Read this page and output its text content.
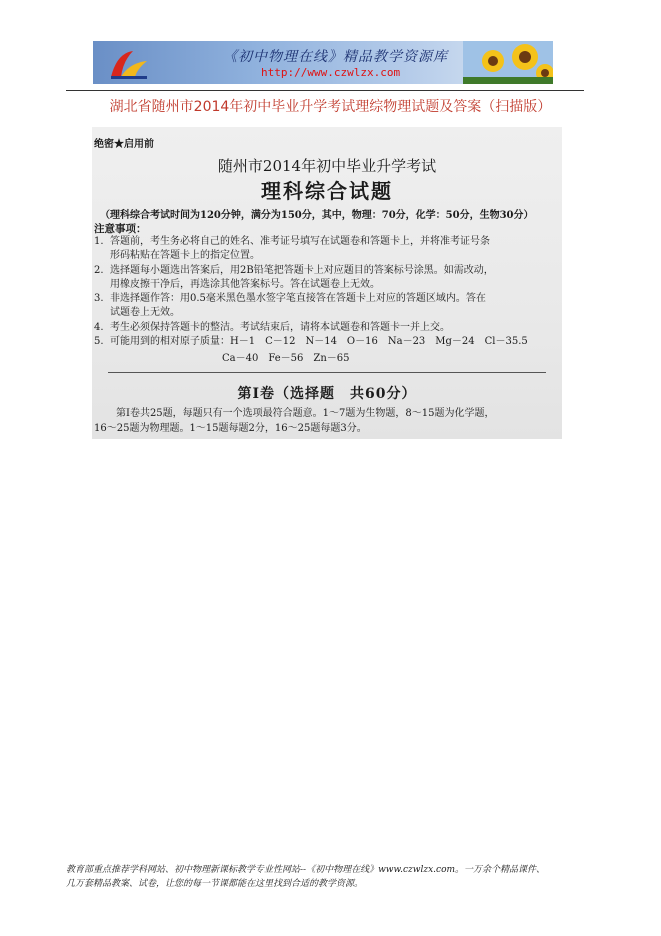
《初中物理在线》精品教学资源库
http://www.czwlzx.com
湖北省随州市2014年初中毕业升学考试理综物理试题及答案（扫描版）
绝密★启用前
随州市2014年初中毕业升学考试
理科综合试题
（理科综合考试时间为120分钟，满分为150分，其中，物理：70分，化学：50分，生物30分）
注意事项：
1. 答题前，考生务必将自己的姓名、准考证号填写在试题卷和答题卡上，并将准考证号条
形码粘贴在答题卡上的指定位置。
2. 选择题每小题选出答案后，用2B铅笔把答题卡上对应题目的答案标号涂黑。如需改动，
用橡皮擦干净后，再选涂其他答案标号。答在试题卷上无效。
3. 非选择题作答：用0.5毫米黑色墨水签字笔直接答在答题卡上对应的答题区域内。答在
试题卷上无效。
4. 考生必须保持答题卡的整洁。考试结束后，请将本试题卷和答题卡一并上交。
5. 可能用到的相对原子质量：H－1　C－12　N－14　O－16　Na－23　Mg－24　Cl－35.5
Ca－40　Fe－56　Zn－65
第Ⅰ卷（选择题　共60分）
第Ⅰ卷共25题，每题只有一个选项最符合题意。1～7题为生物题，8～15题为化学题，
16～25题为物理题。1～15题每题2分，16～25题每题3分。
教育部重点推荐学科网站、初中物理新课标教学专业性网站--《初中物理在线》www.czwlzx.com。一万余个精品课件、
几万套精品教案、试卷，让您的每一节课都能在这里找到合适的教学资源。
